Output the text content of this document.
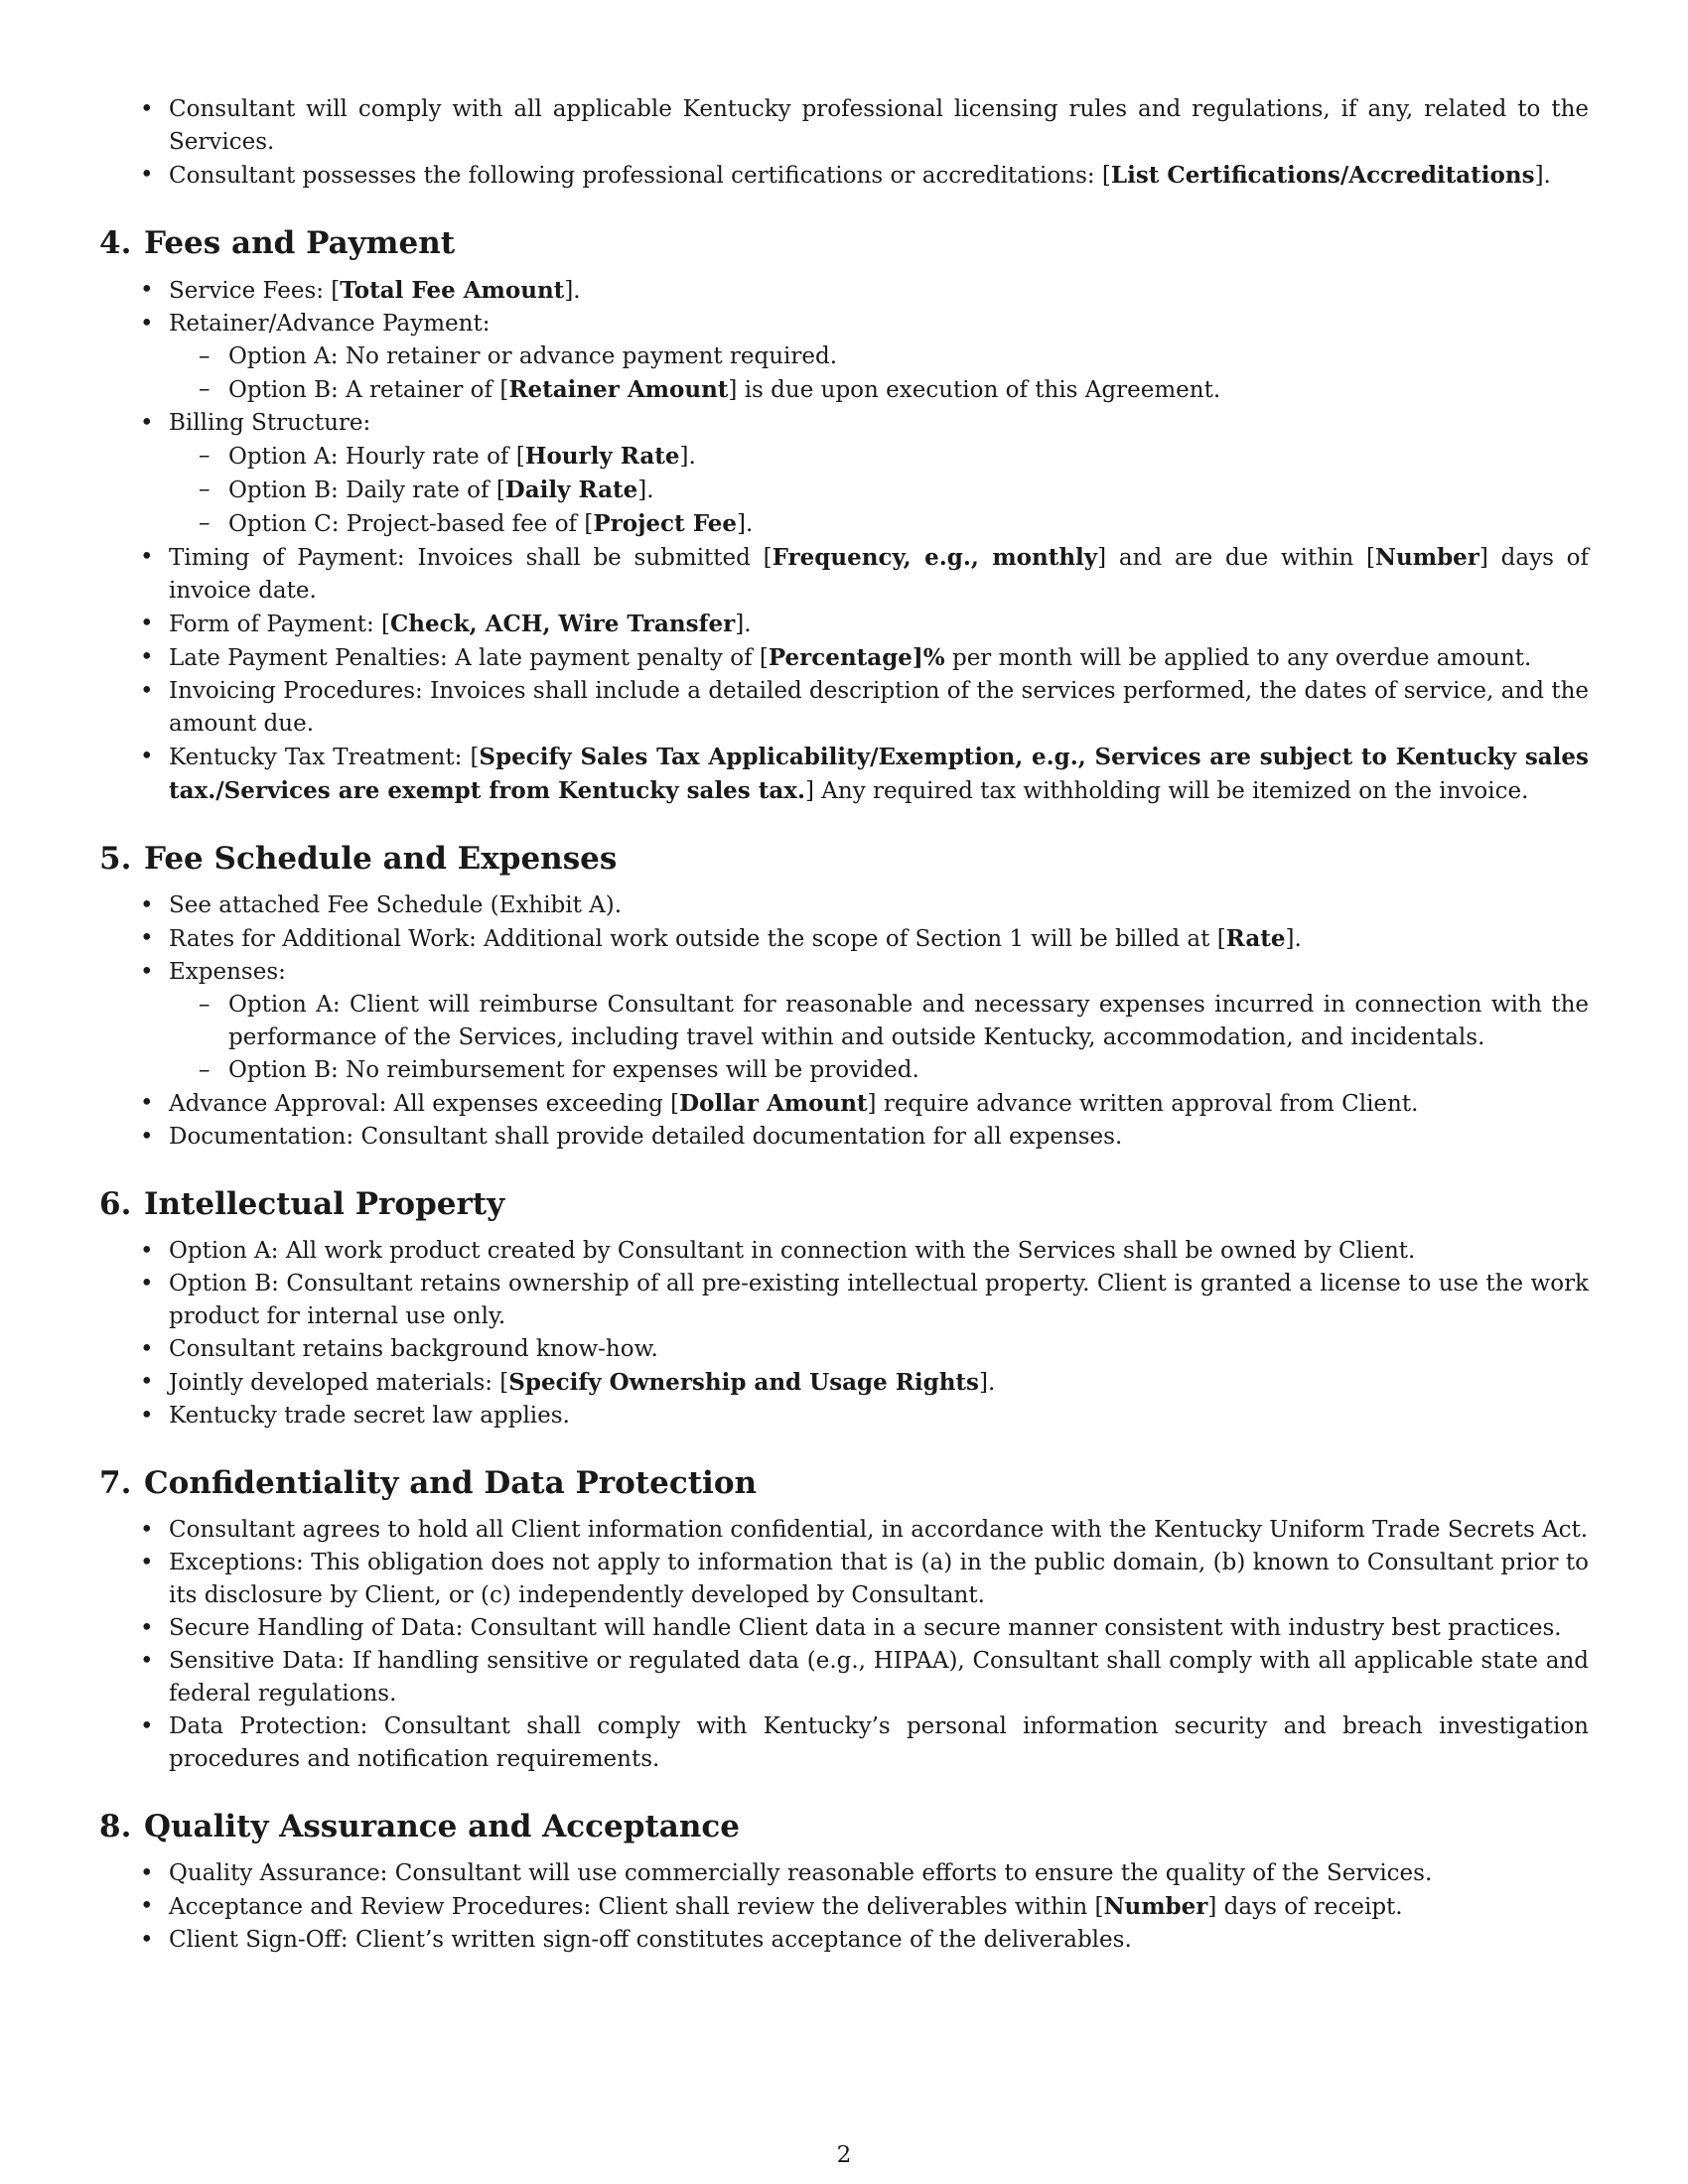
• Consultant will comply with all applicable Kentucky professional licensing rules and regulations, if any, related to the Services.
• Consultant possesses the following professional certifications or accreditations: [List Certifications/Accreditations].
4. Fees and Payment
• Service Fees: [Total Fee Amount].
• Retainer/Advance Payment:
– Option A: No retainer or advance payment required.
– Option B: A retainer of [Retainer Amount] is due upon execution of this Agreement.
• Billing Structure:
– Option A: Hourly rate of [Hourly Rate].
– Option B: Daily rate of [Daily Rate].
– Option C: Project-based fee of [Project Fee].
• Timing of Payment: Invoices shall be submitted [Frequency, e.g., monthly] and are due within [Number] days of invoice date.
• Form of Payment: [Check, ACH, Wire Transfer].
• Late Payment Penalties: A late payment penalty of [Percentage]% per month will be applied to any overdue amount.
• Invoicing Procedures: Invoices shall include a detailed description of the services performed, the dates of service, and the amount due.
• Kentucky Tax Treatment: [Specify Sales Tax Applicability/Exemption, e.g., Services are subject to Kentucky sales tax./Services are exempt from Kentucky sales tax.] Any required tax withholding will be itemized on the invoice.
5. Fee Schedule and Expenses
• See attached Fee Schedule (Exhibit A).
• Rates for Additional Work: Additional work outside the scope of Section 1 will be billed at [Rate].
• Expenses:
– Option A: Client will reimburse Consultant for reasonable and necessary expenses incurred in connection with the performance of the Services, including travel within and outside Kentucky, accommodation, and incidentals.
– Option B: No reimbursement for expenses will be provided.
• Advance Approval: All expenses exceeding [Dollar Amount] require advance written approval from Client.
• Documentation: Consultant shall provide detailed documentation for all expenses.
6. Intellectual Property
• Option A: All work product created by Consultant in connection with the Services shall be owned by Client.
• Option B: Consultant retains ownership of all pre-existing intellectual property. Client is granted a license to use the work product for internal use only.
• Consultant retains background know-how.
• Jointly developed materials: [Specify Ownership and Usage Rights].
• Kentucky trade secret law applies.
7. Confidentiality and Data Protection
• Consultant agrees to hold all Client information confidential, in accordance with the Kentucky Uniform Trade Secrets Act.
• Exceptions: This obligation does not apply to information that is (a) in the public domain, (b) known to Consultant prior to its disclosure by Client, or (c) independently developed by Consultant.
• Secure Handling of Data: Consultant will handle Client data in a secure manner consistent with industry best practices.
• Sensitive Data: If handling sensitive or regulated data (e.g., HIPAA), Consultant shall comply with all applicable state and federal regulations.
• Data Protection: Consultant shall comply with Kentucky’s personal information security and breach investigation procedures and notification requirements.
8. Quality Assurance and Acceptance
• Quality Assurance: Consultant will use commercially reasonable efforts to ensure the quality of the Services.
• Acceptance and Review Procedures: Client shall review the deliverables within [Number] days of receipt.
• Client Sign-Off: Client’s written sign-off constitutes acceptance of the deliverables.
2
